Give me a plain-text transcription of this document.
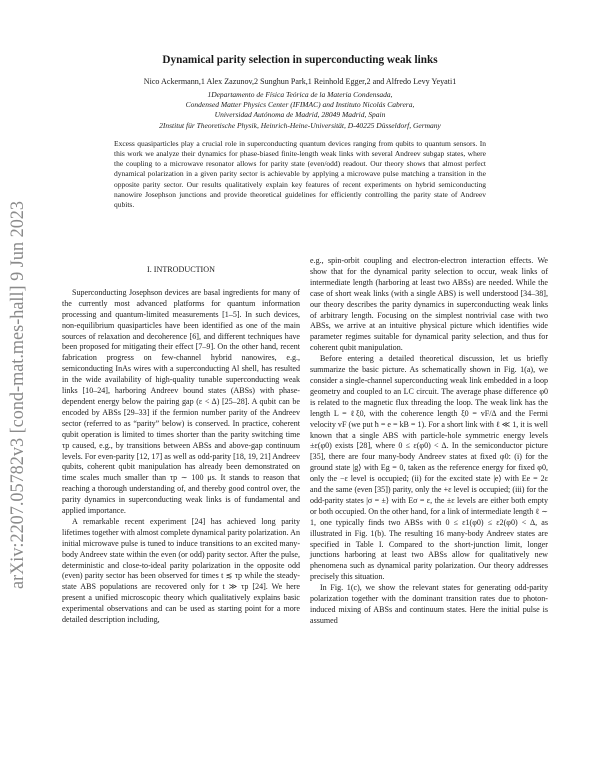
arXiv:2207.05782v3 [cond-mat.mes-hall] 9 Jun 2023
Dynamical parity selection in superconducting weak links
Nico Ackermann,1 Alex Zazunov,2 Sunghun Park,1 Reinhold Egger,2 and Alfredo Levy Yeyati1
1Departamento de Física Teórica de la Materia Condensada,
Condensed Matter Physics Center (IFIMAC) and Instituto Nicolás Cabrera,
Universidad Autónoma de Madrid, 28049 Madrid, Spain
2Institut für Theoretische Physik, Heinrich-Heine-Universität, D-40225 Düsseldorf, Germany
Excess quasiparticles play a crucial role in superconducting quantum devices ranging from qubits to quantum sensors. In this work we analyze their dynamics for phase-biased finite-length weak links with several Andreev subgap states, where the coupling to a microwave resonator allows for parity state (even/odd) readout. Our theory shows that almost perfect dynamical polarization in a given parity sector is achievable by applying a microwave pulse matching a transition in the opposite parity sector. Our results qualitatively explain key features of recent experiments on hybrid semiconducting nanowire Josephson junctions and provide theoretical guidelines for efficiently controlling the parity state of Andreev qubits.
I. INTRODUCTION

Superconducting Josephson devices are basal ingredients for many of the currently most advanced platforms for quantum information processing and quantum-limited measurements [1–5]. In such devices, non-equilibrium quasiparticles have been identified as one of the main sources of relaxation and decoherence [6], and different techniques have been proposed for mitigating their effect [7–9]. On the other hand, recent fabrication progress on few-channel hybrid nanowires, e.g., semiconducting InAs wires with a superconducting Al shell, has resulted in the wide availability of high-quality tunable superconducting weak links [10–24], harboring Andreev bound states (ABSs) with phase-dependent energy below the pairing gap (ε < Δ) [25–28]. A qubit can be encoded by ABSs [29–33] if the fermion number parity of the Andreev sector (referred to as “parity” below) is conserved. In practice, coherent qubit operation is limited to times shorter than the parity switching time τp caused, e.g., by transitions between ABSs and above-gap continuum levels. For even-parity [12, 17] as well as odd-parity [18, 19, 21] Andreev qubits, coherent qubit manipulation has already been demonstrated on time scales much smaller than τp ∼ 100 μs. It stands to reason that reaching a thorough understanding of, and thereby good control over, the parity dynamics in superconducting weak links is of fundamental and applied importance.

A remarkable recent experiment [24] has achieved long parity lifetimes together with almost complete dynamical parity polarization. An initial microwave pulse is tuned to induce transitions to an excited many-body Andreev state within the even (or odd) parity sector. After the pulse, deterministic and close-to-ideal parity polarization in the opposite odd (even) parity sector has been observed for times t ≲ τp while the steady-state ABS populations are recovered only for t ≫ τp [24]. We here present a unified microscopic theory which qualitatively explains basic experimental observations and can be used as starting point for a more detailed description including,

e.g., spin-orbit coupling and electron-electron interaction effects. We show that for the dynamical parity selection to occur, weak links of intermediate length (harboring at least two ABSs) are needed. While the case of short weak links (with a single ABS) is well understood [34–38], our theory describes the parity dynamics in superconducting weak links of arbitrary length. Focusing on the simplest nontrivial case with two ABSs, we arrive at an intuitive physical picture which identifies wide parameter regimes suitable for dynamical parity selection, and thus for coherent qubit manipulation.

Before entering a detailed theoretical discussion, let us briefly summarize the basic picture. As schematically shown in Fig. 1(a), we consider a single-channel superconducting weak link embedded in a loop geometry and coupled to an LC circuit. The average phase difference φ0 is related to the magnetic flux threading the loop. The weak link has the length L = ℓξ0, with the coherence length ξ0 = vF/Δ and the Fermi velocity vF (we put ħ = e = kB = 1). For a short link with ℓ ≪ 1, it is well known that a single ABS with particle-hole symmetric energy levels ±ε(φ0) exists [28], where 0 ≤ ε(φ0) < Δ. In the semiconductor picture [35], there are four many-body Andreev states at fixed φ0: (i) for the ground state |g⟩ with Eg = 0, taken as the reference energy for fixed φ0, only the −ε level is occupied; (ii) for the excited state |e⟩ with Ee = 2ε and the same (even [35]) parity, only the +ε level is occupied; (iii) for the odd-parity states |σ = ±⟩ with Eσ = ε, the ±ε levels are either both empty or both occupied. On the other hand, for a link of intermediate length ℓ ∼ 1, one typically finds two ABSs with 0 ≤ ε1(φ0) ≤ ε2(φ0) < Δ, as illustrated in Fig. 1(b). The resulting 16 many-body Andreev states are specified in Table I. Compared to the short-junction limit, longer junctions harboring at least two ABSs allow for qualitatively new phenomena such as dynamical parity polarization. Our theory addresses precisely this situation.

In Fig. 1(c), we show the relevant states for generating odd-parity polarization together with the dominant transition rates due to photon-induced mixing of ABSs and continuum states. Here the initial pulse is assumed
